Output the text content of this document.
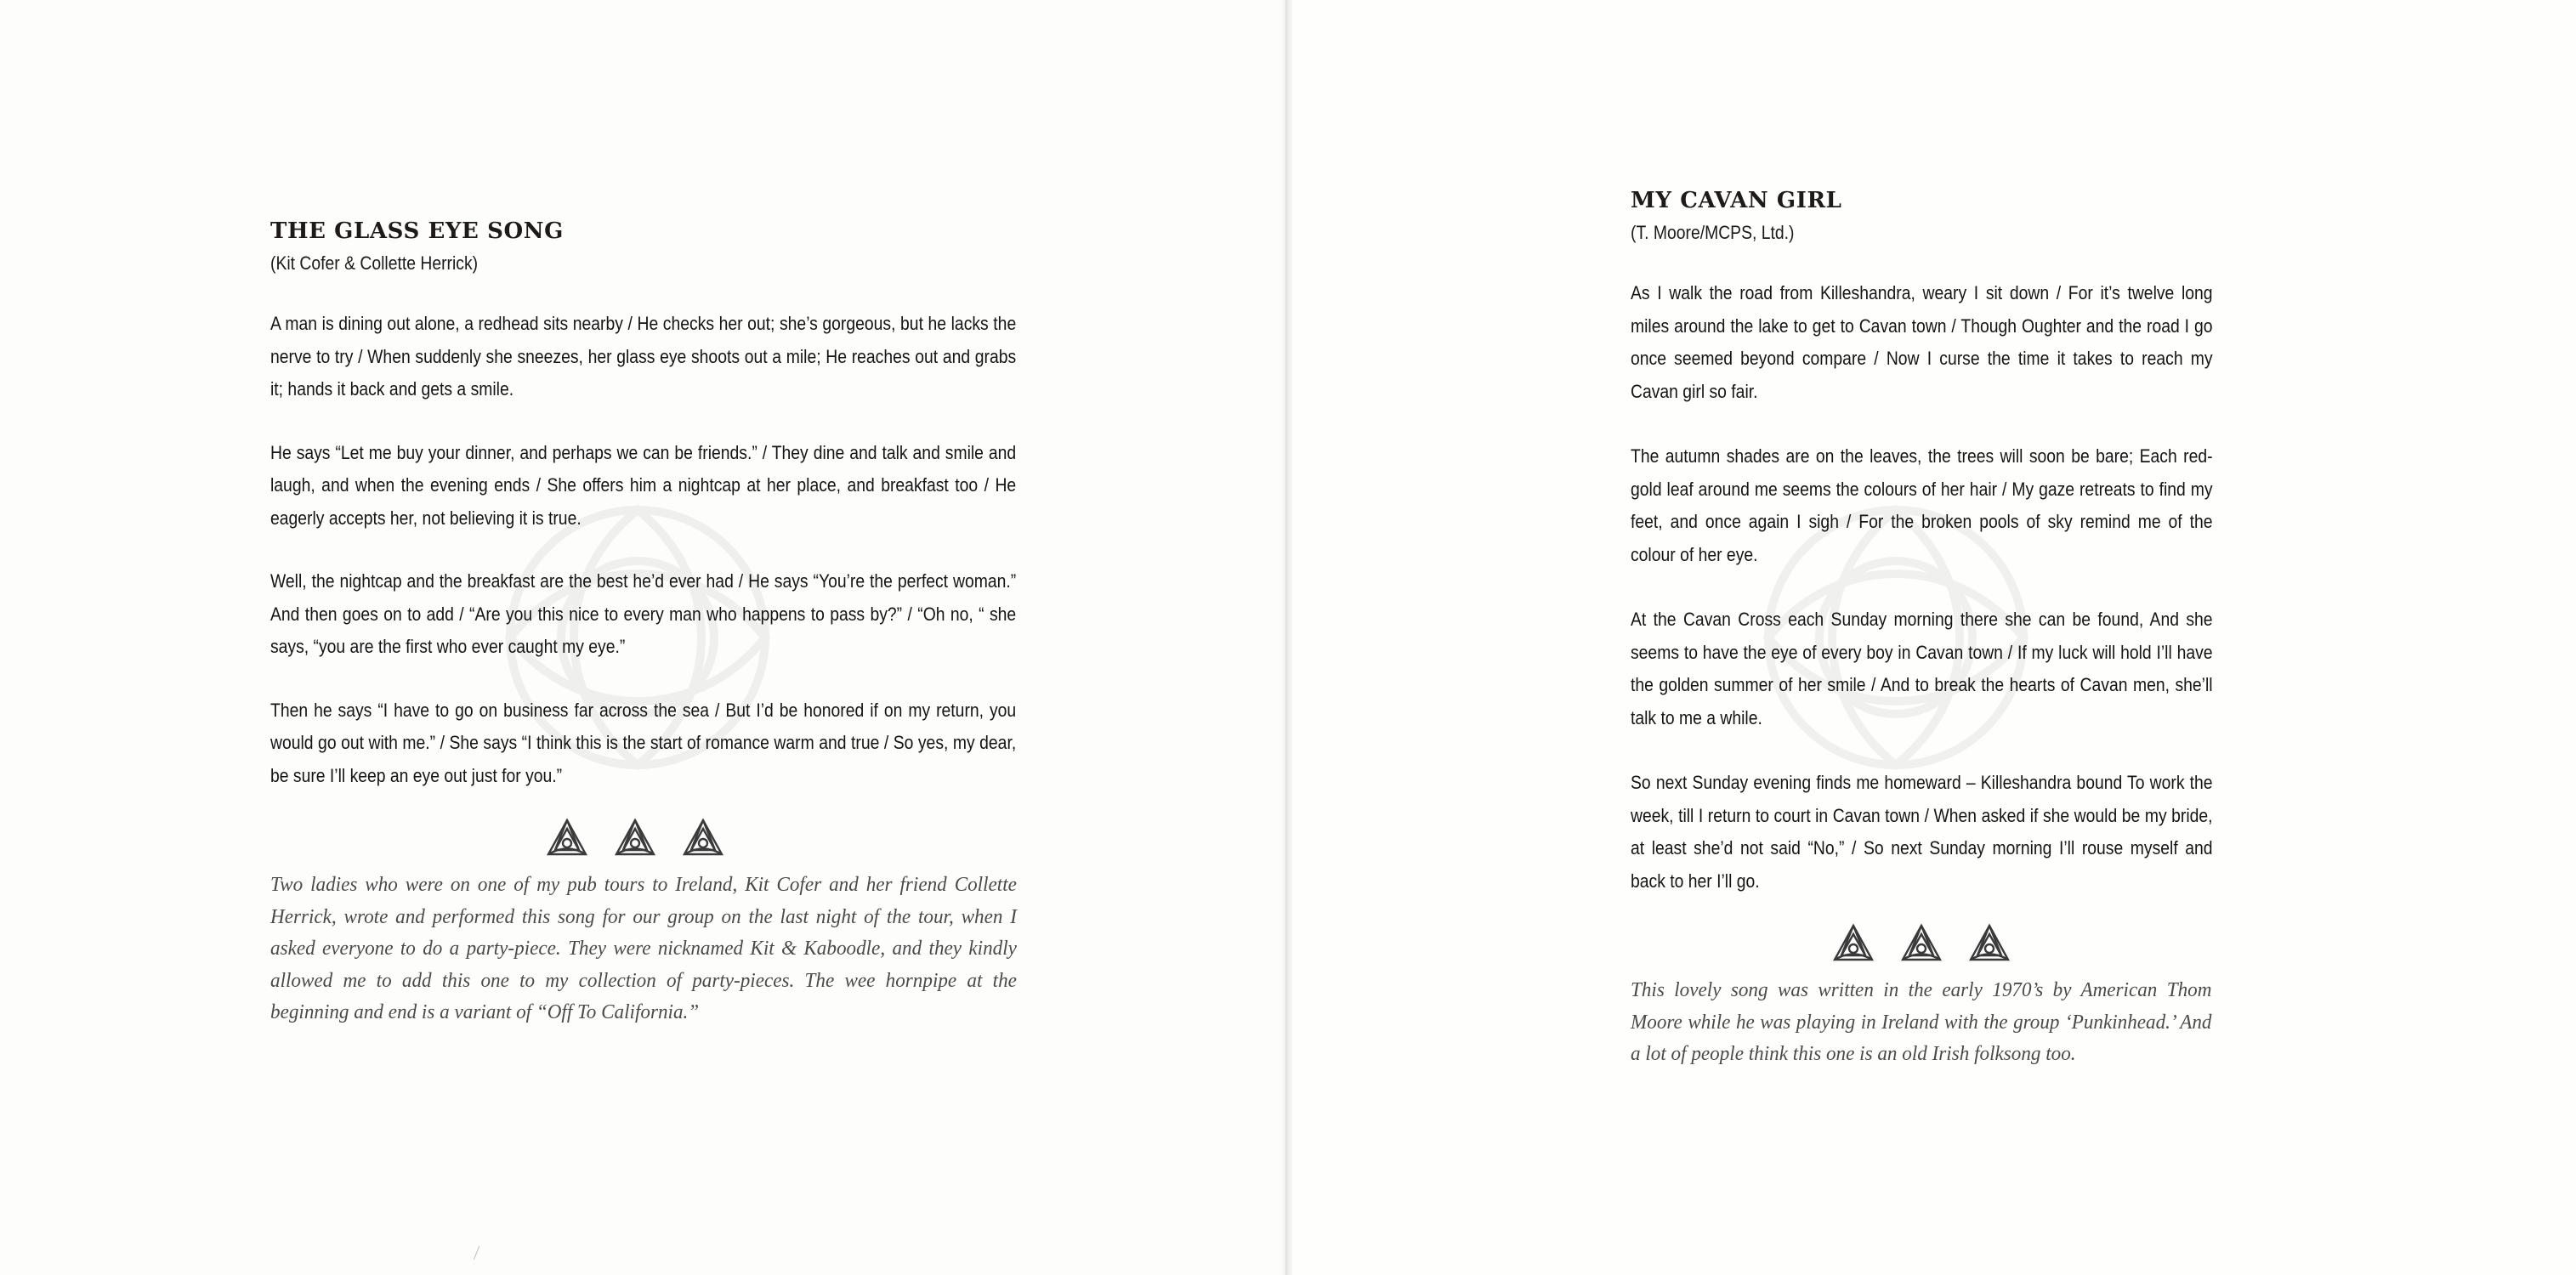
THE GLASS EYE SONG

(Kit Cofer & Collette Herrick)

A man is dining out alone, a redhead sits nearby / He checks her out; she’s gorgeous, but he lacks the nerve to try / When suddenly she sneezes, her glass eye shoots out a mile; He reaches out and grabs it; hands it back and gets a smile.

He says “Let me buy your dinner, and perhaps we can be friends.” / They dine and talk and smile and laugh, and when the evening ends / She offers him a nightcap at her place, and breakfast too / He eagerly accepts her, not believing it is true.

Well, the nightcap and the breakfast are the best he’d ever had / He says “You’re the perfect woman.” And then goes on to add / “Are you this nice to every man who happens to pass by?” / “Oh no, “ she says, “you are the first who ever caught my eye.”

Then he says “I have to go on business far across the sea / But I’d be honored if on my return, you would go out with me.” / She says “I think this is the start of romance warm and true / So yes, my dear, be sure I’ll keep an eye out just for you.”

Two ladies who were on one of my pub tours to Ireland, Kit Cofer and her friend Collette Herrick, wrote and performed this song for our group on the last night of the tour, when I asked everyone to do a party-piece. They were nicknamed Kit & Kaboodle, and they kindly allowed me to add this one to my collection of party-pieces. The wee hornpipe at the beginning and end is a variant of “Off To California.”

MY CAVAN GIRL

(T. Moore/MCPS, Ltd.)

As I walk the road from Killeshandra, weary I sit down / For it’s twelve long miles around the lake to get to Cavan town / Though Oughter and the road I go once seemed beyond compare / Now I curse the time it takes to reach my Cavan girl so fair.

The autumn shades are on the leaves, the trees will soon be bare; Each red-gold leaf around me seems the colours of her hair / My gaze retreats to find my feet, and once again I sigh / For the broken pools of sky remind me of the colour of her eye.

At the Cavan Cross each Sunday morning there she can be found, And she seems to have the eye of every boy in Cavan town / If my luck will hold I’ll have the golden summer of her smile / And to break the hearts of Cavan men, she’ll talk to me a while.

So next Sunday evening finds me homeward – Killeshandra bound To work the week, till I return to court in Cavan town / When asked if she would be my bride, at least she’d not said “No,” / So next Sunday morning I’ll rouse myself and back to her I’ll go.

This lovely song was written in the early 1970’s by American Thom Moore while he was playing in Ireland with the group ‘Punkinhead.’ And a lot of people think this one is an old Irish folksong too.
